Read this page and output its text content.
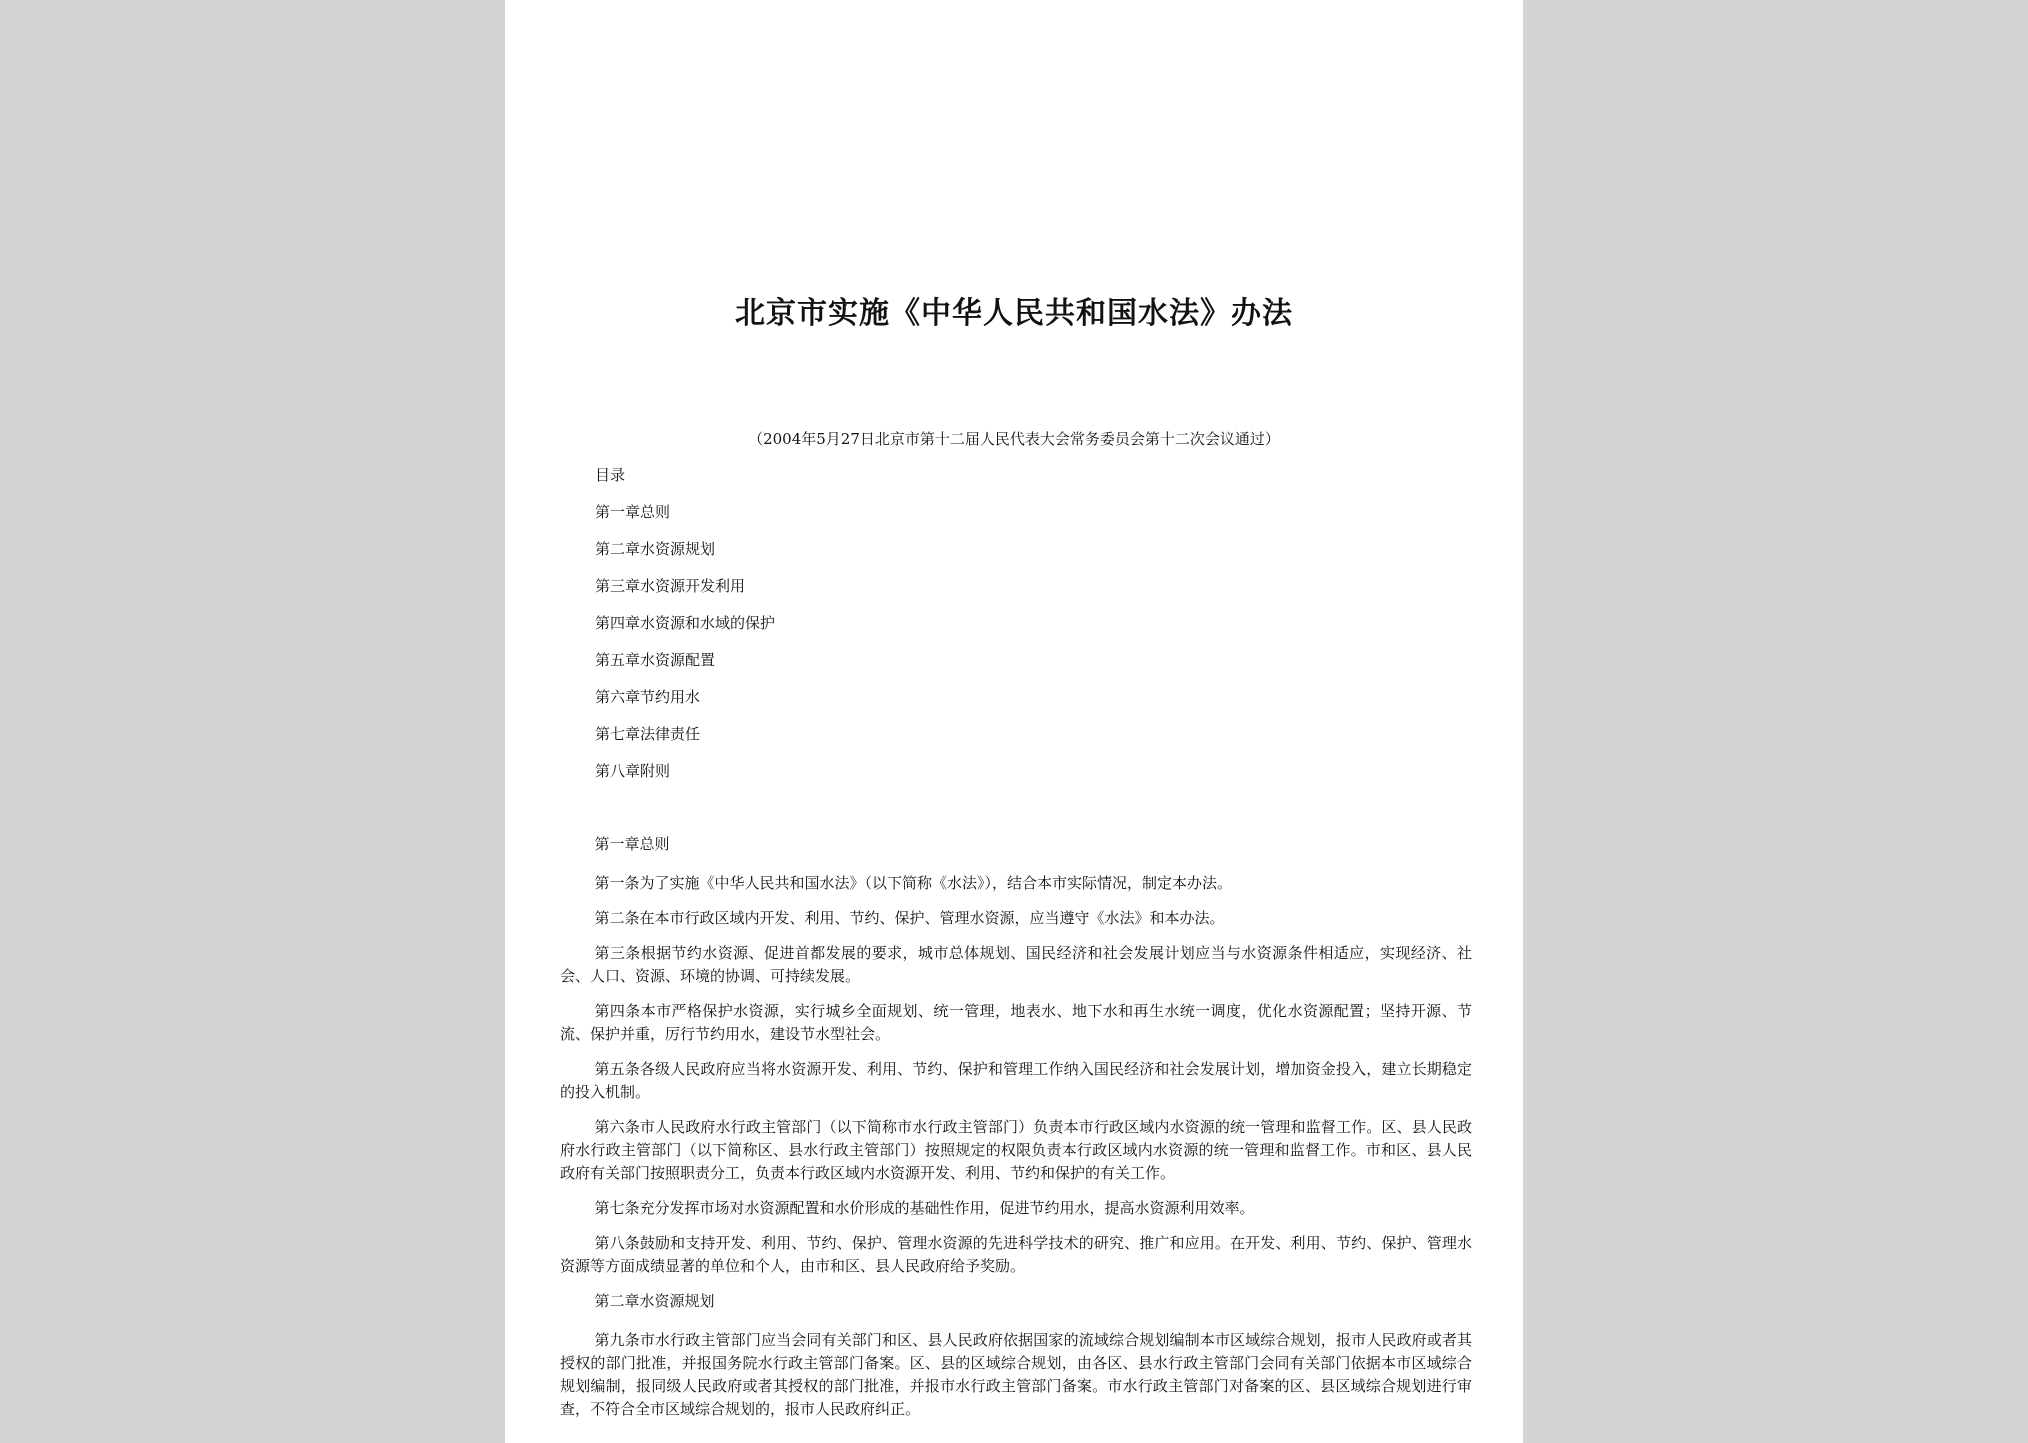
北京市实施《中华人民共和国水法》办法

（2004年5月27日北京市第十二届人民代表大会常务委员会第十二次会议通过）

目录
第一章总则
第二章水资源规划
第三章水资源开发利用
第四章水资源和水域的保护
第五章水资源配置
第六章节约用水
第七章法律责任
第八章附则

第一章总则

第一条为了实施《中华人民共和国水法》（以下简称《水法》），结合本市实际情况，制定本办法。

第二条在本市行政区域内开发、利用、节约、保护、管理水资源，应当遵守《水法》和本办法。

第三条根据节约水资源、促进首都发展的要求，城市总体规划、国民经济和社会发展计划应当与水资源条件相适应，实现经济、社会、人口、资源、环境的协调、可持续发展。

第四条本市严格保护水资源，实行城乡全面规划、统一管理，地表水、地下水和再生水统一调度，优化水资源配置；坚持开源、节流、保护并重，厉行节约用水，建设节水型社会。

第五条各级人民政府应当将水资源开发、利用、节约、保护和管理工作纳入国民经济和社会发展计划，增加资金投入，建立长期稳定的投入机制。

第六条市人民政府水行政主管部门（以下简称市水行政主管部门）负责本市行政区域内水资源的统一管理和监督工作。区、县人民政府水行政主管部门（以下简称区、县水行政主管部门）按照规定的权限负责本行政区域内水资源的统一管理和监督工作。市和区、县人民政府有关部门按照职责分工，负责本行政区域内水资源开发、利用、节约和保护的有关工作。

第七条充分发挥市场对水资源配置和水价形成的基础性作用，促进节约用水，提高水资源利用效率。

第八条鼓励和支持开发、利用、节约、保护、管理水资源的先进科学技术的研究、推广和应用。在开发、利用、节约、保护、管理水资源等方面成绩显著的单位和个人，由市和区、县人民政府给予奖励。

第二章水资源规划

第九条市水行政主管部门应当会同有关部门和区、县人民政府依据国家的流域综合规划编制本市区域综合规划，报市人民政府或者其授权的部门批准，并报国务院水行政主管部门备案。区、县的区域综合规划，由各区、县水行政主管部门会同有关部门依据本市区域综合规划编制，报同级人民政府或者其授权的部门批准，并报市水行政主管部门备案。市水行政主管部门对备案的区、县区域综合规划进行审查，不符合全市区域综合规划的，报市人民政府纠正。
